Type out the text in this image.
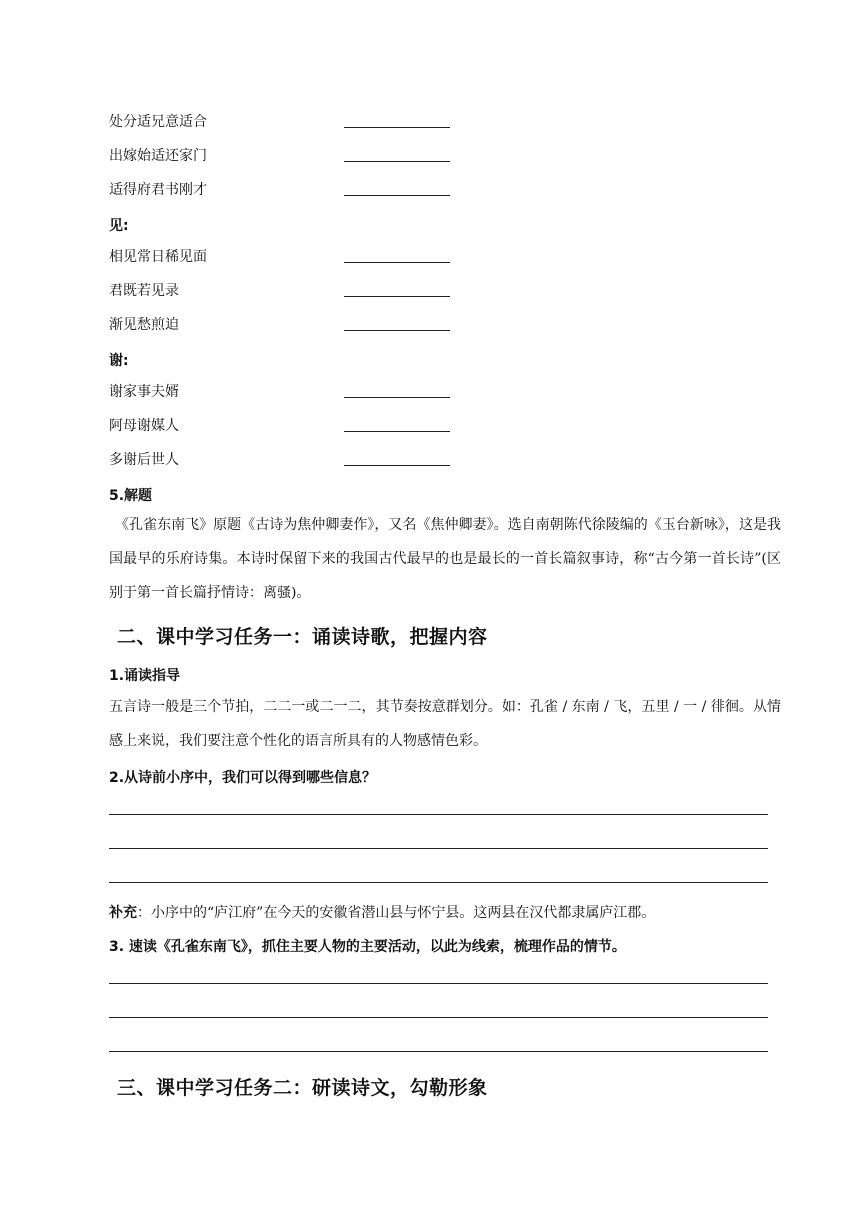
处分适兄意适合
出嫁始适还家门
适得府君书刚才
见:
相见常日稀见面
君既若见录
渐见愁煎迫
谢:
谢家事夫婿
阿母谢媒人
多谢后世人
5.解题
《孔雀东南飞》原题《古诗为焦仲卿妻作》，又名《焦仲卿妻》。选自南朝陈代徐陵编的《玉台新咏》，这是我国最早的乐府诗集。本诗时保留下来的我国古代最早的也是最长的一首长篇叙事诗，称“古今第一首长诗”(区别于第一首长篇抒情诗：离骚)。
二、课中学习任务一：诵读诗歌，把握内容
1.诵读指导
五言诗一般是三个节拍，二二一或二一二，其节奏按意群划分。如：孔雀 / 东南 / 飞，五里 / 一 / 徘徊。从情感上来说，我们要注意个性化的语言所具有的人物感情色彩。
2.从诗前小序中，我们可以得到哪些信息？
补充：小序中的“庐江府”在今天的安徽省潜山县与怀宁县。这两县在汉代都隶属庐江郡。
3. 速读《孔雀东南飞》，抓住主要人物的主要活动，以此为线索，梳理作品的情节。
三、课中学习任务二：研读诗文，勾勒形象
